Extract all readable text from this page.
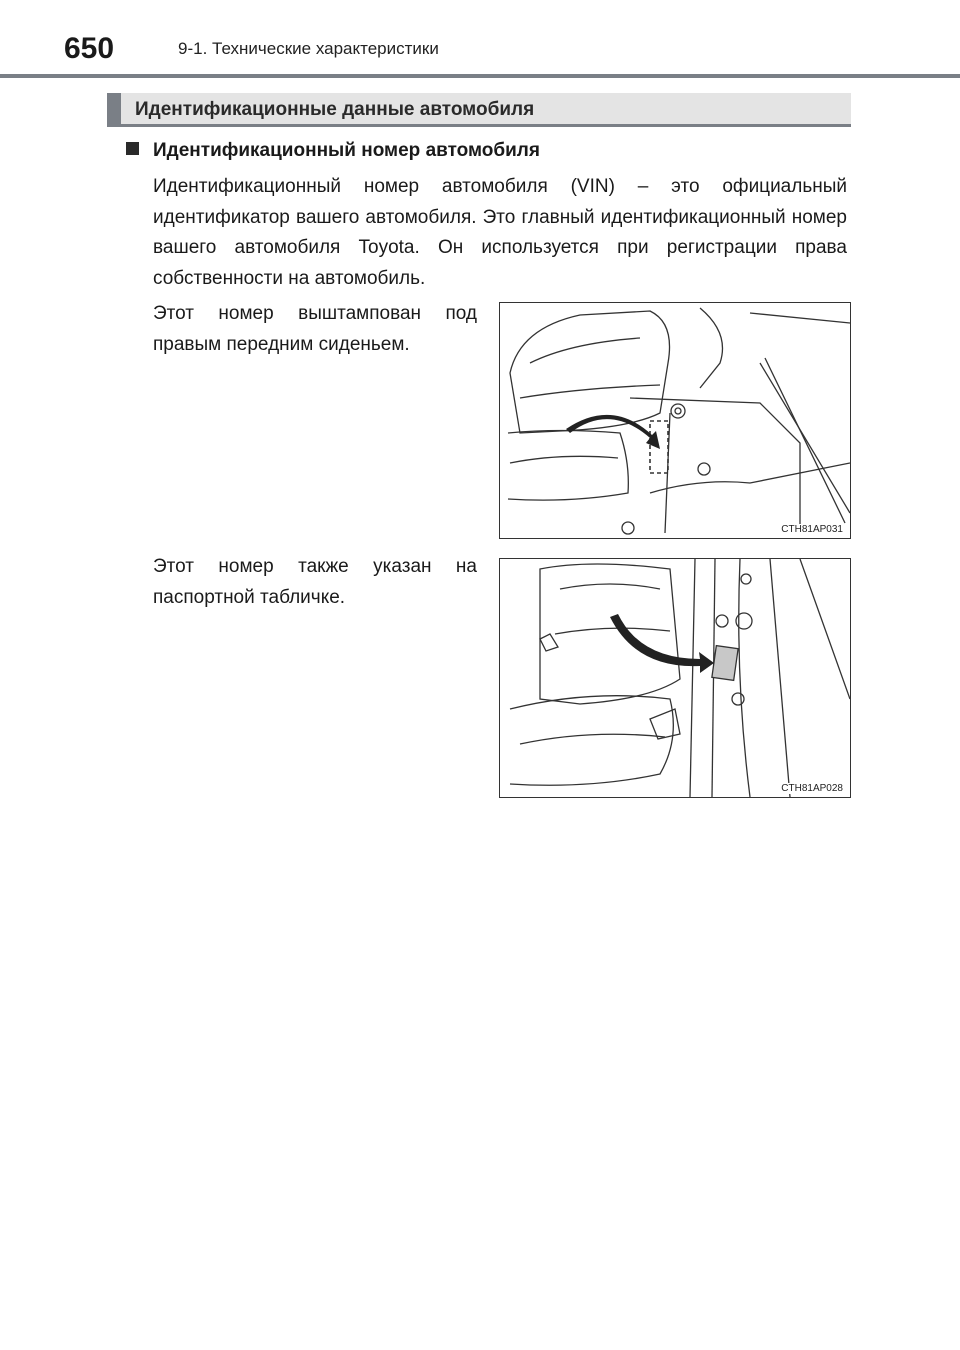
650	9-1. Технические характеристики
Идентификационные данные автомобиля
Идентификационный номер автомобиля
Идентификационный номер автомобиля (VIN) – это официальный идентификатор вашего автомобиля. Это главный идентификационный номер вашего автомобиля Toyota. Он используется при регистрации права собственности на автомобиль.
Этот номер выштампован под правым передним сиденьем.
Этот номер также указан на паспортной табличке.
CTH81AP031
CTH81AP028
